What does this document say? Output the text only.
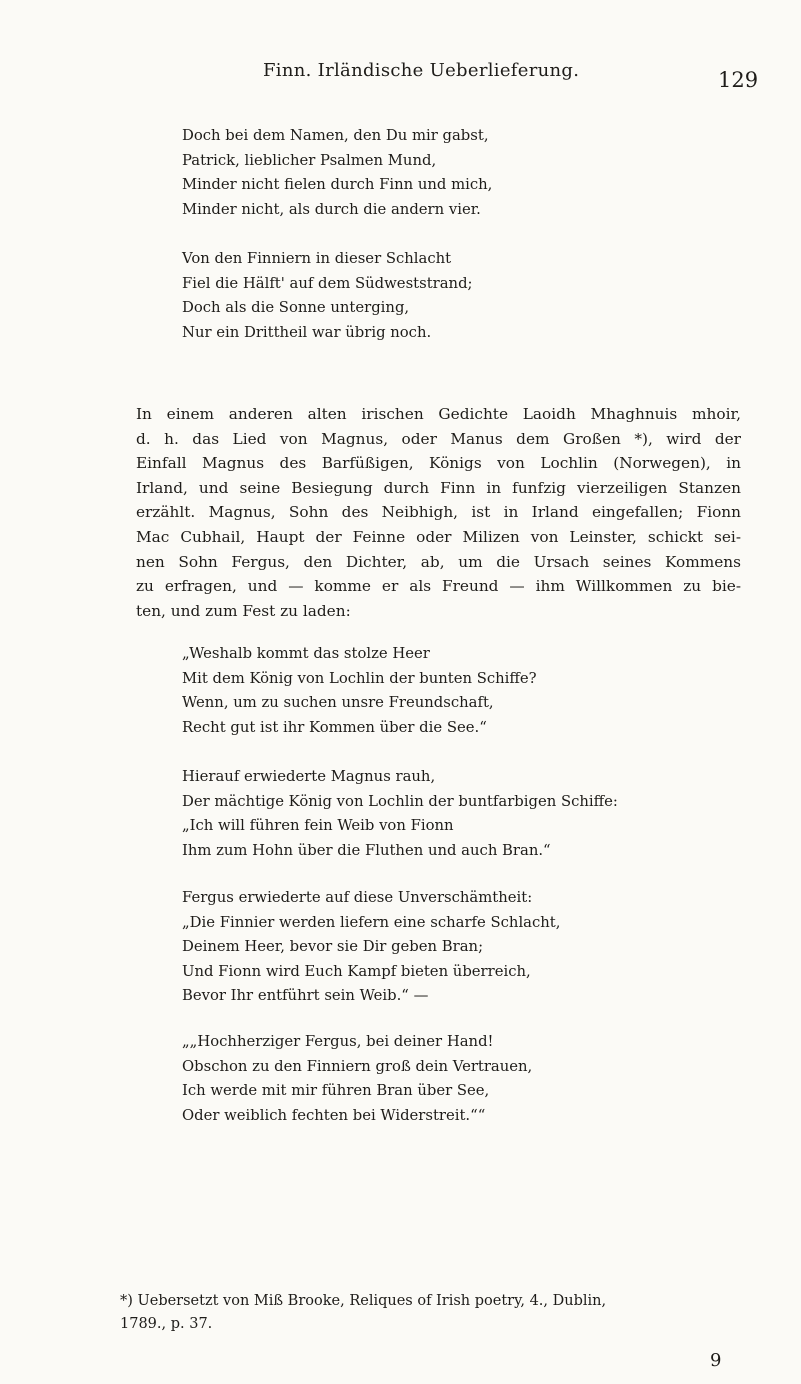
Finn. Irländische Ueberlieferung.	129
Doch bei dem Namen, den Du mir gabst,
Patrick, lieblicher Psalmen Mund,
Minder nicht fielen durch Finn und mich,
Minder nicht, als durch die andern vier.
Von den Finniern in dieser Schlacht
Fiel die Hälft' auf dem Südweststrand;
Doch als die Sonne unterging,
Nur ein Drittheil war übrig noch.
In einem anderen alten irischen Gedichte Laoidh Mhaghnuis mhoir,
d. h. das Lied von Magnus, oder Manus dem Großen *), wird der
Einfall Magnus des Barfüßigen, Königs von Lochlin (Norwegen), in
Irland, und seine Besiegung durch Finn in funfzig vierzeiligen Stanzen
erzählt. Magnus, Sohn des Neibhigh, ist in Irland eingefallen; Fionn
Mac Cubhail, Haupt der Feinne oder Milizen von Leinster, schickt sei-
nen Sohn Fergus, den Dichter, ab, um die Ursach seines Kommens
zu erfragen, und — komme er als Freund — ihm Willkommen zu bie-
ten, und zum Fest zu laden:
„Weshalb kommt das stolze Heer
Mit dem König von Lochlin der bunten Schiffe?
Wenn, um zu suchen unsre Freundschaft,
Recht gut ist ihr Kommen über die See.“
Hierauf erwiederte Magnus rauh,
Der mächtige König von Lochlin der buntfarbigen Schiffe:
„Ich will führen fein Weib von Fionn
Ihm zum Hohn über die Fluthen und auch Bran.“
Fergus erwiederte auf diese Unverschämtheit:
„Die Finnier werden liefern eine scharfe Schlacht,
Deinem Heer, bevor sie Dir geben Bran;
Und Fionn wird Euch Kampf bieten überreich,
Bevor Ihr entführt sein Weib.“ —
„„Hochherziger Fergus, bei deiner Hand!
Obschon zu den Finniern groß dein Vertrauen,
Ich werde mit mir führen Bran über See,
Oder weiblich fechten bei Widerstreit.““
*) Uebersetzt von Miß Brooke, Reliques of Irish poetry, 4., Dublin,
1789., p. 37.
9
